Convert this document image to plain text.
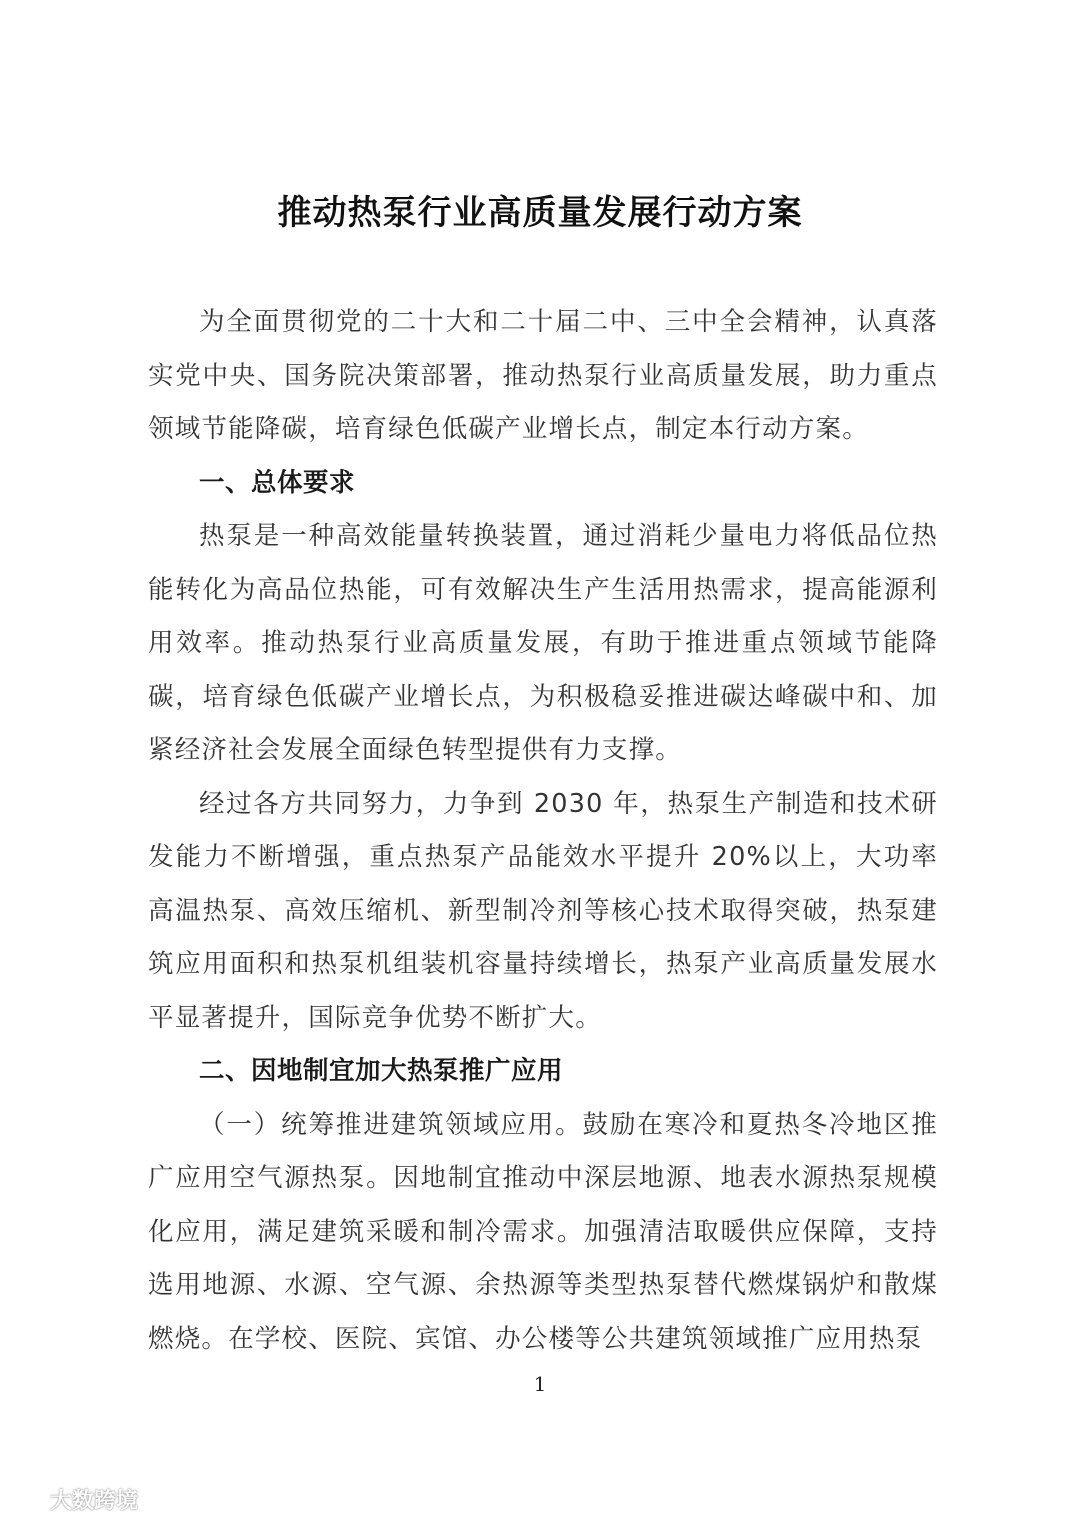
推动热泵行业高质量发展行动方案

为全面贯彻党的二十大和二十届二中、三中全会精神，认真落实党中央、国务院决策部署，推动热泵行业高质量发展，助力重点领域节能降碳，培育绿色低碳产业增长点，制定本行动方案。

一、总体要求

热泵是一种高效能量转换装置，通过消耗少量电力将低品位热能转化为高品位热能，可有效解决生产生活用热需求，提高能源利用效率。推动热泵行业高质量发展，有助于推进重点领域节能降碳，培育绿色低碳产业增长点，为积极稳妥推进碳达峰碳中和、加紧经济社会发展全面绿色转型提供有力支撑。

经过各方共同努力，力争到 2030 年，热泵生产制造和技术研发能力不断增强，重点热泵产品能效水平提升 20%以上，大功率高温热泵、高效压缩机、新型制冷剂等核心技术取得突破，热泵建筑应用面积和热泵机组装机容量持续增长，热泵产业高质量发展水平显著提升，国际竞争优势不断扩大。

二、因地制宜加大热泵推广应用

（一）统筹推进建筑领域应用。鼓励在寒冷和夏热冬冷地区推广应用空气源热泵。因地制宜推动中深层地源、地表水源热泵规模化应用，满足建筑采暖和制冷需求。加强清洁取暖供应保障，支持选用地源、水源、空气源、余热源等类型热泵替代燃煤锅炉和散煤燃烧。在学校、医院、宾馆、办公楼等公共建筑领域推广应用热泵

1
大数跨境
